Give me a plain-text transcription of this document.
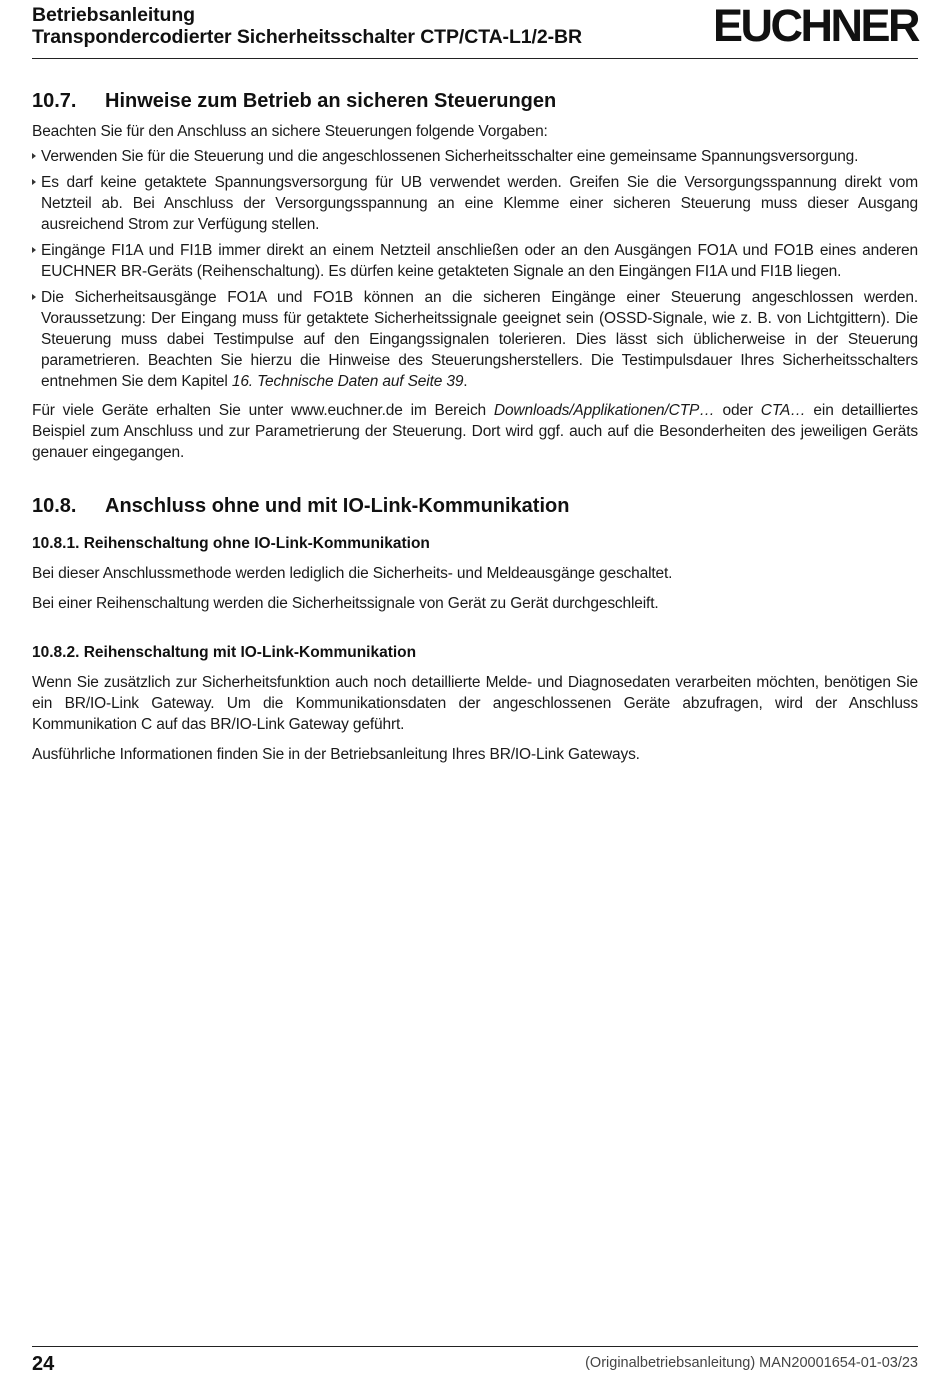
Betriebsanleitung
Transpondercodierter Sicherheitsschalter CTP/CTA-L1/2-BR	EUCHNER
10.7.	Hinweise zum Betrieb an sicheren Steuerungen

Beachten Sie für den Anschluss an sichere Steuerungen folgende Vorgaben:

Verwenden Sie für die Steuerung und die angeschlossenen Sicherheitsschalter eine gemeinsame Spannungsversorgung.
Es darf keine getaktete Spannungsversorgung für UB verwendet werden. Greifen Sie die Versorgungsspannung direkt vom Netzteil ab. Bei Anschluss der Versorgungsspannung an eine Klemme einer sicheren Steuerung muss dieser Ausgang ausreichend Strom zur Verfügung stellen.
Eingänge FI1A und FI1B immer direkt an einem Netzteil anschließen oder an den Ausgängen FO1A und FO1B eines anderen EUCHNER BR-Geräts (Reihenschaltung). Es dürfen keine getakteten Signale an den Eingängen FI1A und FI1B liegen.
Die Sicherheitsausgänge FO1A und FO1B können an die sicheren Eingänge einer Steuerung angeschlossen werden. Voraussetzung: Der Eingang muss für getaktete Sicherheitssignale geeignet sein (OSSD-Signale, wie z. B. von Lichtgittern). Die Steuerung muss dabei Testimpulse auf den Eingangssignalen tolerieren. Dies lässt sich üblicherweise in der Steuerung parametrieren. Beachten Sie hierzu die Hinweise des Steuerungsherstellers. Die Testimpulsdauer Ihres Sicherheitsschalters entnehmen Sie dem Kapitel 16. Technische Daten auf Seite 39.

Für viele Geräte erhalten Sie unter www.euchner.de im Bereich Downloads/Applikationen/CTP… oder CTA… ein detailliertes Beispiel zum Anschluss und zur Parametrierung der Steuerung. Dort wird ggf. auch auf die Besonderheiten des jeweiligen Geräts genauer eingegangen.

10.8.	Anschluss ohne und mit IO-Link-Kommunikation
10.8.1. Reihenschaltung ohne IO-Link-Kommunikation

Bei dieser Anschlussmethode werden lediglich die Sicherheits- und Meldeausgänge geschaltet.

Bei einer Reihenschaltung werden die Sicherheitssignale von Gerät zu Gerät durchgeschleift.

10.8.2. Reihenschaltung mit IO-Link-Kommunikation

Wenn Sie zusätzlich zur Sicherheitsfunktion auch noch detaillierte Melde- und Diagnosedaten verarbeiten möchten, benötigen Sie ein BR/IO-Link Gateway. Um die Kommunikationsdaten der angeschlossenen Geräte abzufragen, wird der Anschluss Kommunikation C auf das BR/IO-Link Gateway geführt.

Ausführliche Informationen finden Sie in der Betriebsanleitung Ihres BR/IO-Link Gateways.

24	(Originalbetriebsanleitung) MAN20001654-01-03/23
